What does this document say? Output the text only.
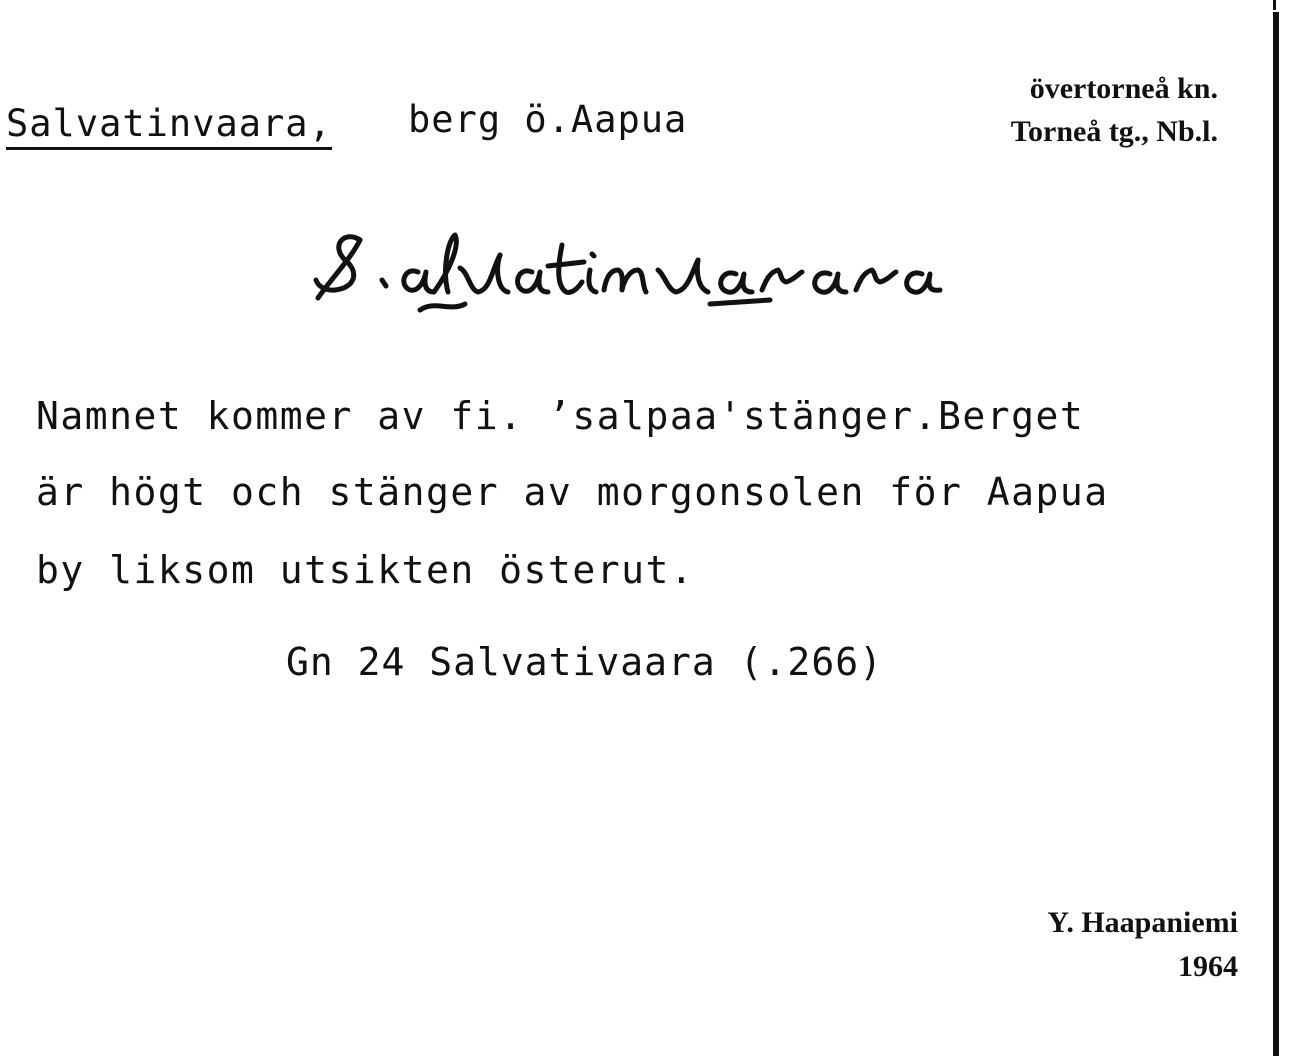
Salvatinvaara, berg ö.Aapua
övertorneå kn.
Torneå tg., Nb.l.
Namnet kommer av fi. ʼsalpaa'stänger.Berget
är högt och stänger av morgonsolen för Aapua
by liksom utsikten österut.
Gn 24 Salvativaara (.266)
Y. Haapaniemi
1964
